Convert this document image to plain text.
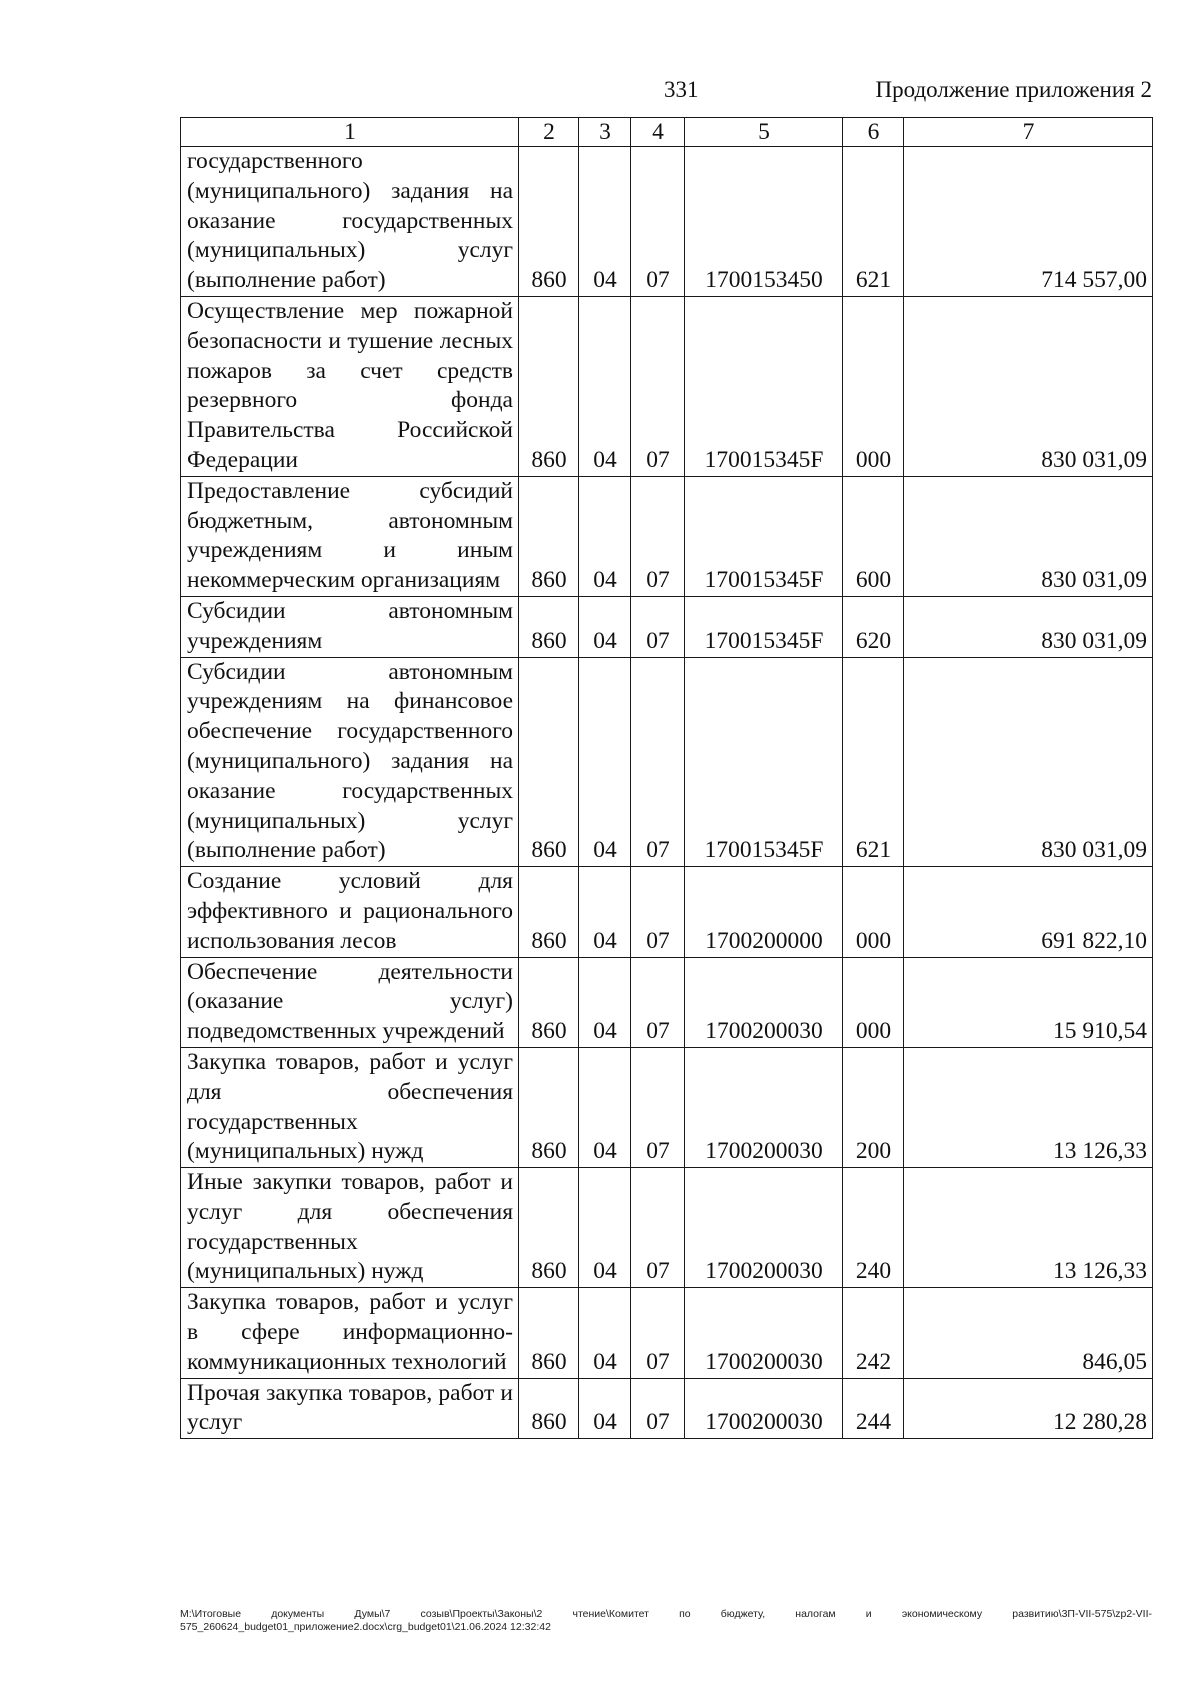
331	Продолжение приложения 2
1	2	3	4	5	6	7
государственного (муниципального) задания на оказание государственных (муниципальных) услуг (выполнение работ)	860	04	07	1700153450	621	714 557,00
Осуществление мер пожарной безопасности и тушение лесных пожаров за счет средств резервного фонда Правительства Российской Федерации	860	04	07	170015345F	000	830 031,09
Предоставление субсидий бюджетным, автономным учреждениям и иным некоммерческим организациям	860	04	07	170015345F	600	830 031,09
Субсидии автономным учреждениям	860	04	07	170015345F	620	830 031,09
Субсидии автономным учреждениям на финансовое обеспечение государственного (муниципального) задания на оказание государственных (муниципальных) услуг (выполнение работ)	860	04	07	170015345F	621	830 031,09
Создание условий для эффективного и рационального использования лесов	860	04	07	1700200000	000	691 822,10
Обеспечение деятельности (оказание услуг) подведомственных учреждений	860	04	07	1700200030	000	15 910,54
Закупка товаров, работ и услуг для обеспечения государственных (муниципальных) нужд	860	04	07	1700200030	200	13 126,33
Иные закупки товаров, работ и услуг для обеспечения государственных (муниципальных) нужд	860	04	07	1700200030	240	13 126,33
Закупка товаров, работ и услуг в сфере информационно-коммуникационных технологий	860	04	07	1700200030	242	846,05
Прочая закупка товаров, работ и услуг	860	04	07	1700200030	244	12 280,28
M:\Итоговые документы Думы\7 созыв\Проекты\Законы\2 чтение\Комитет по бюджету, налогам и экономическому развитию\3П-VII-575\zp2-VII-575_260624_budget01_приложение2.docx\crg_budget01\21.06.2024 12:32:42
